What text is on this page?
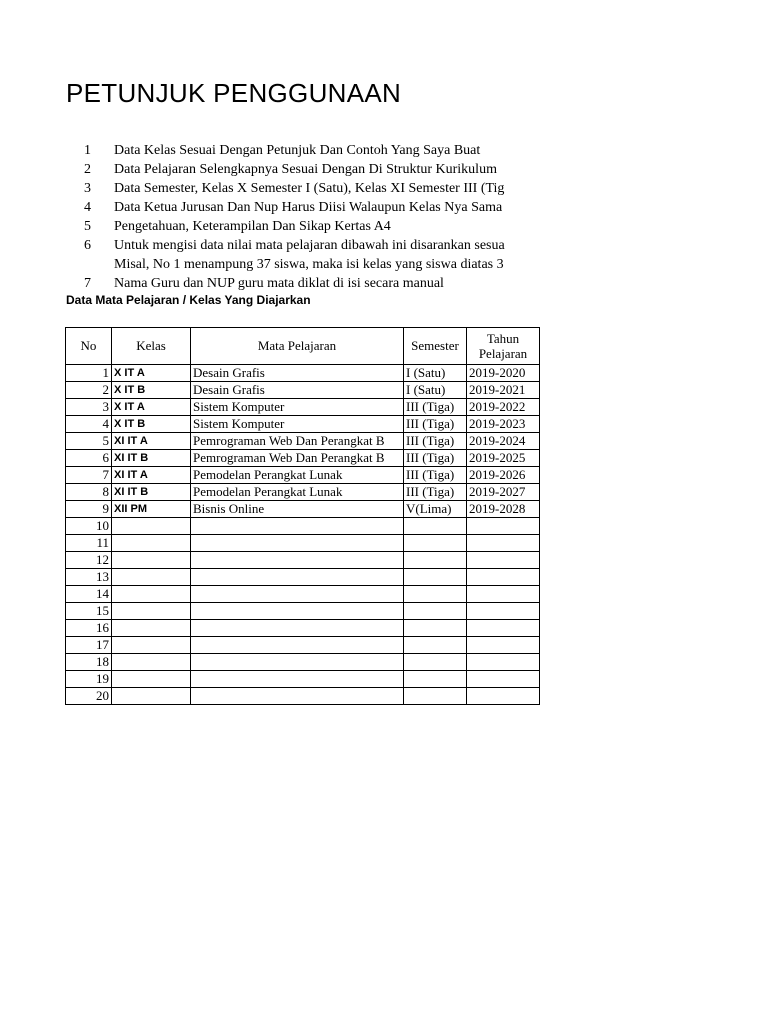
PETUNJUK PENGGUNAAN
1 Data Kelas Sesuai Dengan Petunjuk Dan Contoh Yang Saya Buat
2 Data Pelajaran Selengkapnya Sesuai Dengan Di Struktur Kurikulum
3 Data Semester, Kelas X Semester I (Satu), Kelas XI Semester III (Tig
4 Data Ketua Jurusan Dan Nup Harus Diisi Walaupun Kelas Nya Sama
5 Pengetahuan, Keterampilan Dan Sikap Kertas A4
6 Untuk mengisi data nilai mata pelajaran dibawah ini disarankan sesua
Misal, No 1 menampung 37 siswa, maka isi kelas yang siswa diatas 3
7 Nama Guru dan NUP guru mata diklat di isi secara manual
Data Mata Pelajaran / Kelas Yang Diajarkan
No	Kelas	Mata Pelajaran	Semester	Tahun
Pelajaran

1	X IT A	Desain Grafis	I (Satu)	2019-2020
2	X IT B	Desain Grafis	I (Satu)	2019-2021
3	X IT A	Sistem Komputer	III (Tiga)	2019-2022
4	X IT B	Sistem Komputer	III (Tiga)	2019-2023
5	XI IT A	Pemrograman Web Dan Perangkat B	III (Tiga)	2019-2024
6	XI IT B	Pemrograman Web Dan Perangkat B	III (Tiga)	2019-2025
7	XI IT A	Pemodelan Perangkat Lunak	III (Tiga)	2019-2026
8	XI IT B	Pemodelan Perangkat Lunak	III (Tiga)	2019-2027
9	XII PM	Bisnis Online	V(Lima)	2019-2028
10				
11				
12				
13				
14				
15				
16				
17				
18				
19				
20				
